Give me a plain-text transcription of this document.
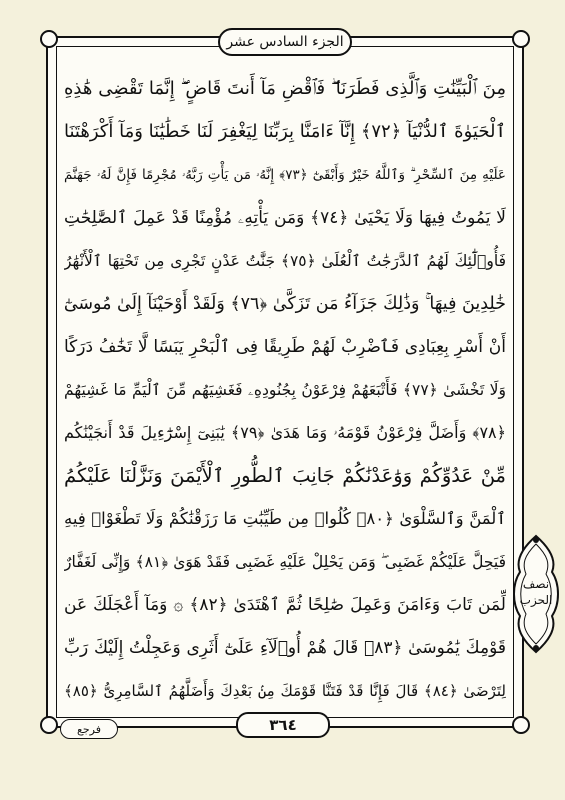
الجزء السادس عشر
مِنَ ٱلْبَيِّنَٰتِ وَٱلَّذِى فَطَرَنَا ۖ فَٱقْضِ مَآ أَنتَ قَاضٍ ۖ إِنَّمَا تَقْضِى هَٰذِهِ
ٱلْحَيَوٰةَ ٱلدُّنْيَآ ﴿٧٢﴾ إِنَّآ ءَامَنَّا بِرَبِّنَا لِيَغْفِرَ لَنَا خَطَٰيَٰنَا وَمَآ أَكْرَهْتَنَا
عَلَيْهِ مِنَ ٱلسِّحْرِ ۗ وَٱللَّهُ خَيْرٌ وَأَبْقَىٰٓ ﴿٧٣﴾ إِنَّهُۥ مَن يَأْتِ رَبَّهُۥ مُجْرِمًا فَإِنَّ لَهُۥ جَهَنَّمَ
لَا يَمُوتُ فِيهَا وَلَا يَحْيَىٰ ﴿٧٤﴾ وَمَن يَأْتِهِۦ مُؤْمِنًا قَدْ عَمِلَ ٱلصَّٰلِحَٰتِ
فَأُو۟لَٰٓئِكَ لَهُمُ ٱلدَّرَجَٰتُ ٱلْعُلَىٰ ﴿٧٥﴾ جَنَّٰتُ عَدْنٍ تَجْرِى مِن تَحْتِهَا ٱلْأَنْهَٰرُ
خَٰلِدِينَ فِيهَا ۚ وَذَٰلِكَ جَزَآءُ مَن تَزَكَّىٰ ﴿٧٦﴾ وَلَقَدْ أَوْحَيْنَآ إِلَىٰ مُوسَىٰٓ
أَنْ أَسْرِ بِعِبَادِى فَٱضْرِبْ لَهُمْ طَرِيقًا فِى ٱلْبَحْرِ يَبَسًا لَّا تَخَٰفُ دَرَكًا
وَلَا تَخْشَىٰ ﴿٧٧﴾ فَأَتْبَعَهُمْ فِرْعَوْنُ بِجُنُودِهِۦ فَغَشِيَهُم مِّنَ ٱلْيَمِّ مَا غَشِيَهُمْ
﴿٧٨﴾ وَأَضَلَّ فِرْعَوْنُ قَوْمَهُۥ وَمَا هَدَىٰ ﴿٧٩﴾ يَٰبَنِىٓ إِسْرَٰٓءِيلَ قَدْ أَنجَيْنَٰكُم
مِّنْ عَدُوِّكُمْ وَوَٰعَدْنَٰكُمْ جَانِبَ ٱلطُّورِ ٱلْأَيْمَنَ وَنَزَّلْنَا عَلَيْكُمُ
ٱلْمَنَّ وَٱلسَّلْوَىٰ ﴿٨٠﴾ كُلُوا۟ مِن طَيِّبَٰتِ مَا رَزَقْنَٰكُمْ وَلَا تَطْغَوْا۟ فِيهِ
فَيَحِلَّ عَلَيْكُمْ غَضَبِى ۖ وَمَن يَحْلِلْ عَلَيْهِ غَضَبِى فَقَدْ هَوَىٰ ﴿٨١﴾ وَإِنِّى لَغَفَّارٌ
لِّمَن تَابَ وَءَامَنَ وَعَمِلَ صَٰلِحًا ثُمَّ ٱهْتَدَىٰ ﴿٨٢﴾ ۞ وَمَآ أَعْجَلَكَ عَن
قَوْمِكَ يَٰمُوسَىٰ ﴿٨٣﴾ قَالَ هُمْ أُو۟لَآءِ عَلَىٰٓ أَثَرِى وَعَجِلْتُ إِلَيْكَ رَبِّ
لِتَرْضَىٰ ﴿٨٤﴾ قَالَ فَإِنَّا قَدْ فَتَنَّا قَوْمَكَ مِنۢ بَعْدِكَ وَأَضَلَّهُمُ ٱلسَّامِرِىُّ ﴿٨٥﴾
نصف
الحزب
فرجع	٣٦٤
